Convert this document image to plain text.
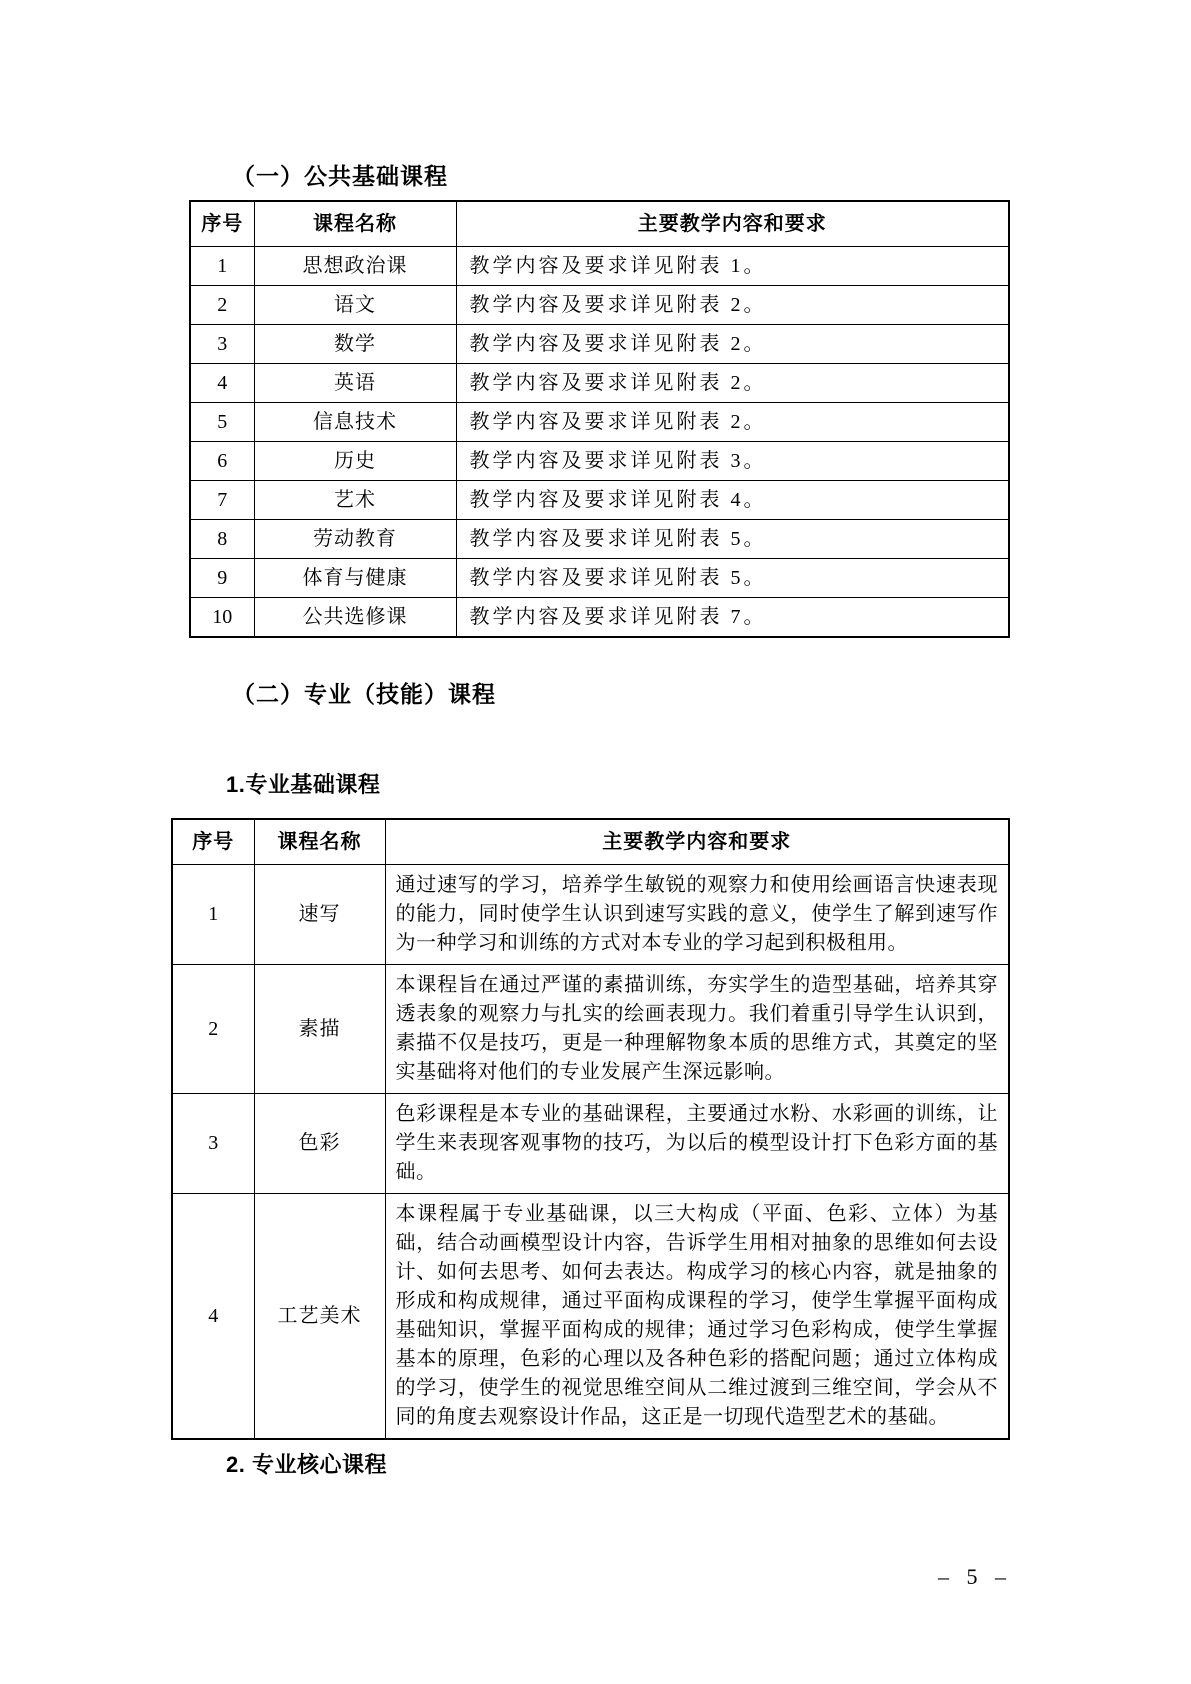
（一）公共基础课程
序号	课程名称	主要教学内容和要求
1	思想政治课	教学内容及要求详见附表 1。
2	语文	教学内容及要求详见附表 2。
3	数学	教学内容及要求详见附表 2。
4	英语	教学内容及要求详见附表 2。
5	信息技术	教学内容及要求详见附表 2。
6	历史	教学内容及要求详见附表 3。
7	艺术	教学内容及要求详见附表 4。
8	劳动教育	教学内容及要求详见附表 5。
9	体育与健康	教学内容及要求详见附表 5。
10	公共选修课	教学内容及要求详见附表 7。
（二）专业（技能）课程
1.专业基础课程
序号	课程名称	主要教学内容和要求
1	速写	通过速写的学习，培养学生敏锐的观察力和使用绘画语言快速表现的能力，同时使学生认识到速写实践的意义，使学生了解到速写作为一种学习和训练的方式对本专业的学习起到积极租用。
2	素描	本课程旨在通过严谨的素描训练，夯实学生的造型基础，培养其穿透表象的观察力与扎实的绘画表现力。我们着重引导学生认识到，素描不仅是技巧，更是一种理解物象本质的思维方式，其奠定的坚实基础将对他们的专业发展产生深远影响。
3	色彩	色彩课程是本专业的基础课程，主要通过水粉、水彩画的训练，让学生来表现客观事物的技巧，为以后的模型设计打下色彩方面的基础。
4	工艺美术	本课程属于专业基础课，以三大构成（平面、色彩、立体）为基础，结合动画模型设计内容，告诉学生用相对抽象的思维如何去设计、如何去思考、如何去表达。构成学习的核心内容，就是抽象的形成和构成规律，通过平面构成课程的学习，使学生掌握平面构成基础知识，掌握平面构成的规律；通过学习色彩构成，使学生掌握基本的原理，色彩的心理以及各种色彩的搭配问题；通过立体构成的学习，使学生的视觉思维空间从二维过渡到三维空间，学会从不同的角度去观察设计作品，这正是一切现代造型艺术的基础。
2. 专业核心课程
– 5 –
